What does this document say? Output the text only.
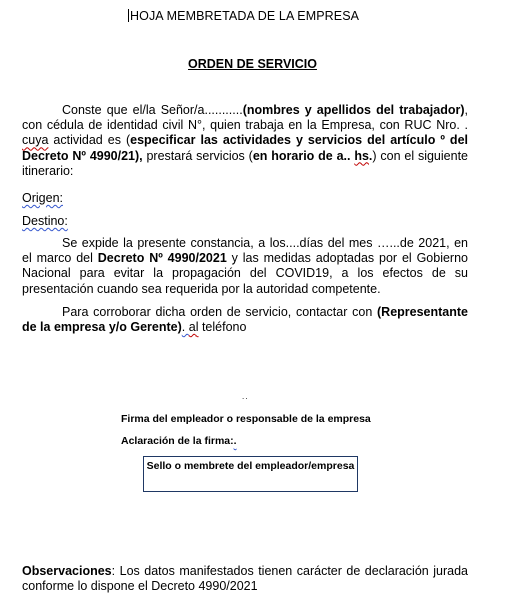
HOJA MEMBRETADA DE LA EMPRESA
ORDEN DE SERVICIO

Conste que el/la Señor/a...........(nombres y apellidos del trabajador), con cédula de identidad civil N°, quien trabaja en la Empresa, con RUC Nro. . cuya actividad es (especificar las actividades y servicios del artículo º del Decreto Nº 4990/21), prestará servicios (en horario de a.. hs.) con el siguiente itinerario:

Origen:
Destino:

Se expide la presente constancia, a los....días del mes …...de 2021, en el marco del Decreto Nº 4990/2021 y las medidas adoptadas por el Gobierno Nacional para evitar la propagación del COVID19, a los efectos de su presentación cuando sea requerida por la autoridad competente.

Para corroborar dicha orden de servicio, contactar con (Representante de la empresa y/o Gerente). al teléfono

..
Firma del empleador o responsable de la empresa
Aclaración de la firma:.
Sello o membrete del empleador/empresa
Observaciones: Los datos manifestados tienen carácter de declaración jurada conforme lo dispone el Decreto 4990/2021
